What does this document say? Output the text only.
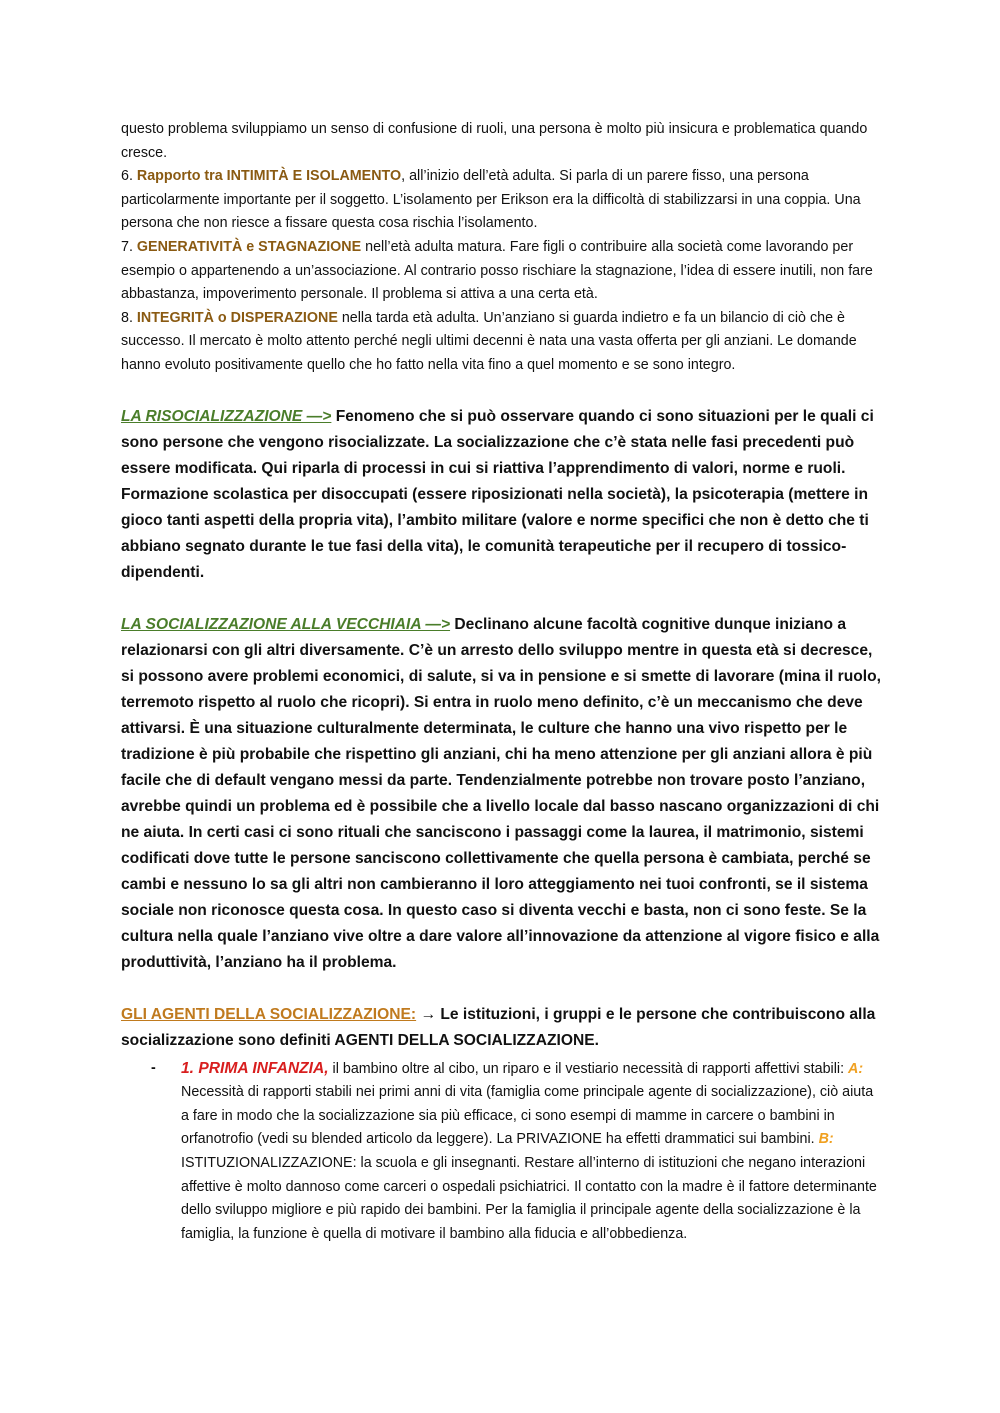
questo problema sviluppiamo un senso di confusione di ruoli, una persona è molto più insicura e problematica quando cresce.
6. Rapporto tra INTIMITÀ E ISOLAMENTO, all’inizio dell’età adulta. Si parla di un parere fisso, una persona particolarmente importante per il soggetto. L’isolamento per Erikson era la difficoltà di stabilizzarsi in una coppia. Una persona che non riesce a fissare questa cosa rischia l’isolamento.
7. GENERATIVITÀ e STAGNAZIONE nell’età adulta matura. Fare figli o contribuire alla società come lavorando per esempio o appartenendo a un’associazione. Al contrario posso rischiare la stagnazione, l’idea di essere inutili, non fare abbastanza, impoverimento personale. Il problema si attiva a una certa età.
8. INTEGRITÀ o DISPERAZIONE nella tarda età adulta. Un’anziano si guarda indietro e fa un bilancio di ciò che è successo. Il mercato è molto attento perché negli ultimi decenni è nata una vasta offerta per gli anziani. Le domande hanno evoluto positivamente quello che ho fatto nella vita fino a quel momento e se sono integro.

LA RISOCIALIZZAZIONE —> Fenomeno che si può osservare quando ci sono situazioni per le quali ci sono persone che vengono risocializzate. La socializzazione che c’è stata nelle fasi precedenti può essere modificata. Qui riparla di processi in cui si riattiva l’apprendimento di valori, norme e ruoli. Formazione scolastica per disoccupati (essere riposizionati nella società), la psicoterapia (mettere in gioco tanti aspetti della propria vita), l’ambito militare (valore e norme specifici che non è detto che ti abbiano segnato durante le tue fasi della vita), le comunità terapeutiche per il recupero di tossico-dipendenti.

LA SOCIALIZZAZIONE ALLA VECCHIAIA —> Declinano alcune facoltà cognitive dunque iniziano a relazionarsi con gli altri diversamente. C’è un arresto dello sviluppo mentre in questa età si decresce, si possono avere problemi economici, di salute, si va in pensione e si smette di lavorare (mina il ruolo, terremoto rispetto al ruolo che ricopri). Si entra in ruolo meno definito, c’è un meccanismo che deve attivarsi. È una situazione culturalmente determinata, le culture che hanno una vivo rispetto per le tradizione è più probabile che rispettino gli anziani, chi ha meno attenzione per gli anziani allora è più facile che di default vengano messi da parte. Tendenzialmente potrebbe non trovare posto l’anziano, avrebbe quindi un problema ed è possibile che a livello locale dal basso nascano organizzazioni di chi ne aiuta. In certi casi ci sono rituali che sanciscono i passaggi come la laurea, il matrimonio, sistemi codificati dove tutte le persone sanciscono collettivamente che quella persona è cambiata, perché se cambi e nessuno lo sa gli altri non cambieranno il loro atteggiamento nei tuoi confronti, se il sistema sociale non riconosce questa cosa. In questo caso si diventa vecchi e basta, non ci sono feste. Se la cultura nella quale l’anziano vive oltre a dare valore all’innovazione da attenzione al vigore fisico e alla produttività, l’anziano ha il problema.

GLI AGENTI DELLA SOCIALIZZAZIONE: → Le istituzioni, i gruppi e le persone che contribuiscono alla socializzazione sono definiti AGENTI DELLA SOCIALIZZAZIONE.

- 1. PRIMA INFANZIA, il bambino oltre al cibo, un riparo e il vestiario necessità di rapporti affettivi stabili: A: Necessità di rapporti stabili nei primi anni di vita (famiglia come principale agente di socializzazione), ciò aiuta a fare in modo che la socializzazione sia più efficace, ci sono esempi di mamme in carcere o bambini in orfanotrofio (vedi su blended articolo da leggere). La PRIVAZIONE ha effetti drammatici sui bambini. B: ISTITUZIONALIZZAZIONE: la scuola e gli insegnanti. Restare all’interno di istituzioni che negano interazioni affettive è molto dannoso come carceri o ospedali psichiatrici. Il contatto con la madre è il fattore determinante dello sviluppo migliore e più rapido dei bambini. Per la famiglia il principale agente della socializzazione è la famiglia, la funzione è quella di motivare il bambino alla fiducia e all’obbedienza.
